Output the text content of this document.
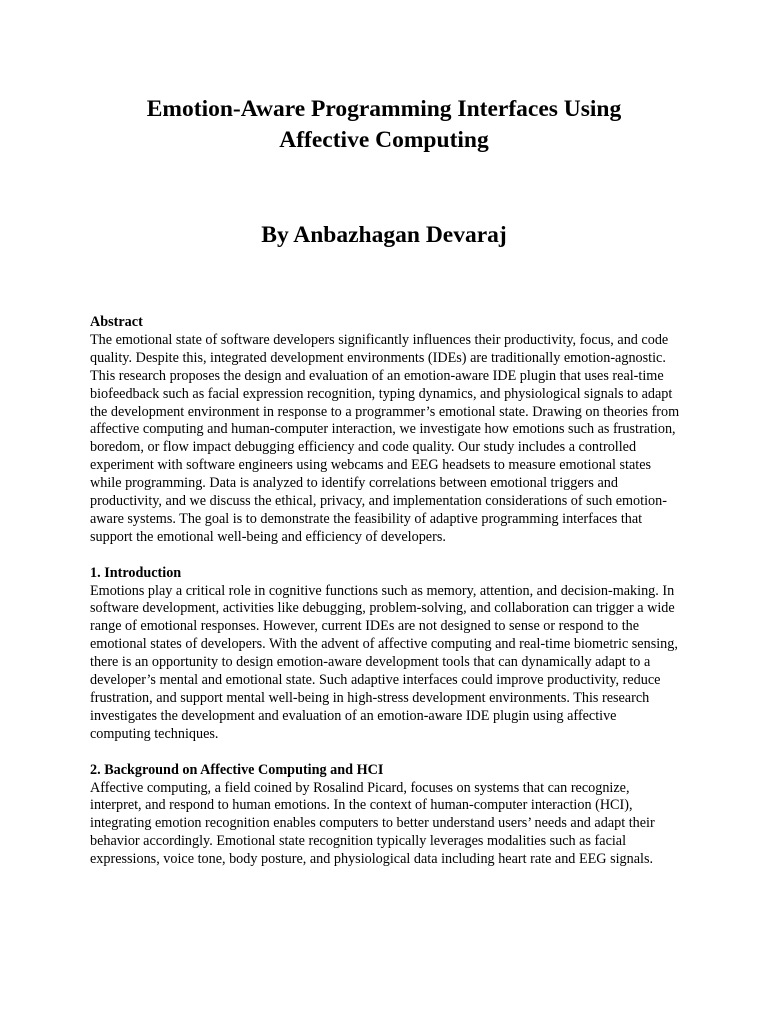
Emotion-Aware Programming Interfaces Using Affective Computing
By Anbazhagan Devaraj

Abstract

The emotional state of software developers significantly influences their productivity, focus, and code quality. Despite this, integrated development environments (IDEs) are traditionally emotion-agnostic. This research proposes the design and evaluation of an emotion-aware IDE plugin that uses real-time biofeedback such as facial expression recognition, typing dynamics, and physiological signals to adapt the development environment in response to a programmer’s emotional state. Drawing on theories from affective computing and human-computer interaction, we investigate how emotions such as frustration, boredom, or flow impact debugging efficiency and code quality. Our study includes a controlled experiment with software engineers using webcams and EEG headsets to measure emotional states while programming. Data is analyzed to identify correlations between emotional triggers and productivity, and we discuss the ethical, privacy, and implementation considerations of such emotion-aware systems. The goal is to demonstrate the feasibility of adaptive programming interfaces that support the emotional well-being and efficiency of developers.

1. Introduction

Emotions play a critical role in cognitive functions such as memory, attention, and decision-making. In software development, activities like debugging, problem-solving, and collaboration can trigger a wide range of emotional responses. However, current IDEs are not designed to sense or respond to the emotional states of developers. With the advent of affective computing and real-time biometric sensing, there is an opportunity to design emotion-aware development tools that can dynamically adapt to a developer’s mental and emotional state. Such adaptive interfaces could improve productivity, reduce frustration, and support mental well-being in high-stress development environments. This research investigates the development and evaluation of an emotion-aware IDE plugin using affective computing techniques.

2. Background on Affective Computing and HCI

Affective computing, a field coined by Rosalind Picard, focuses on systems that can recognize, interpret, and respond to human emotions. In the context of human-computer interaction (HCI), integrating emotion recognition enables computers to better understand users’ needs and adapt their behavior accordingly. Emotional state recognition typically leverages modalities such as facial expressions, voice tone, body posture, and physiological data including heart rate and EEG signals.
